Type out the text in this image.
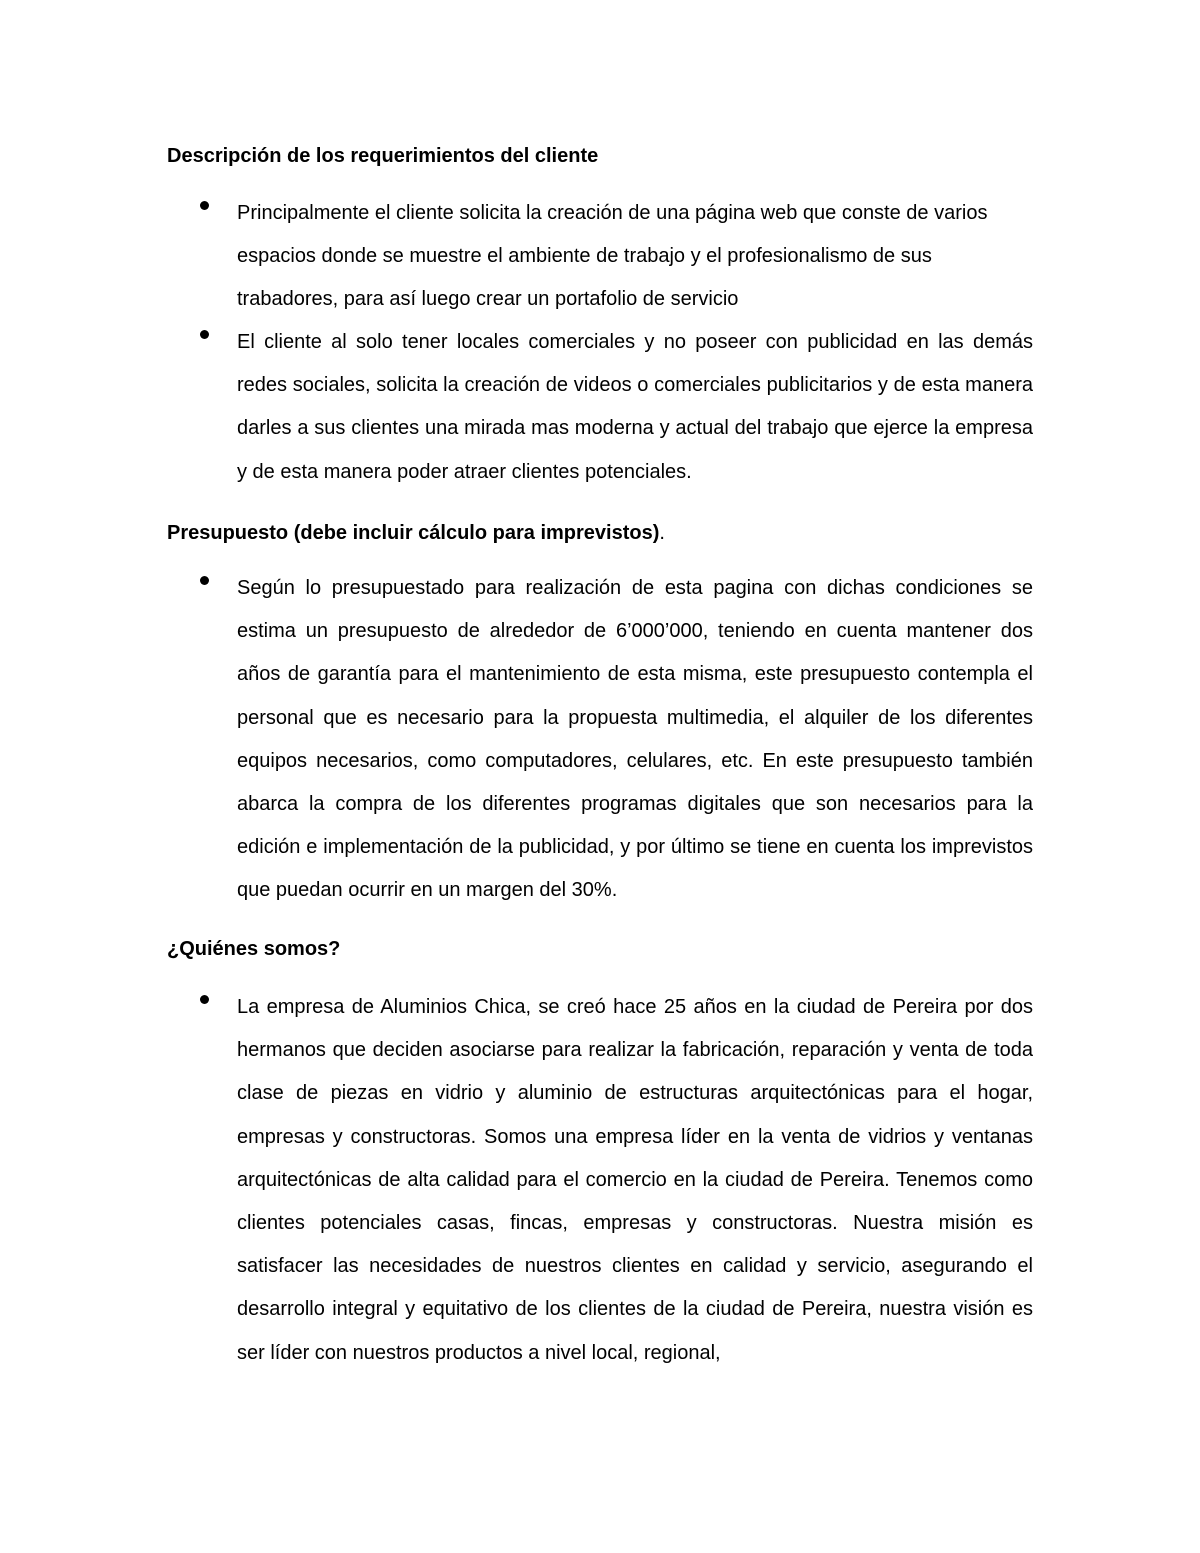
Descripción de los requerimientos del cliente

Principalmente el cliente solicita la creación de una página web que conste de varios espacios donde se muestre el ambiente de trabajo y el profesionalismo de sus trabadores, para así luego crear un portafolio de servicio

El cliente al solo tener locales comerciales y no poseer con publicidad en las demás redes sociales, solicita la creación de videos o comerciales publicitarios y de esta manera darles a sus clientes una mirada mas moderna y actual del trabajo que ejerce la empresa y de esta manera poder atraer clientes potenciales.

Presupuesto (debe incluir cálculo para imprevistos).

Según lo presupuestado para realización de esta pagina con dichas condiciones se estima un presupuesto de alrededor de 6’000’000, teniendo en cuenta mantener dos años de garantía para el mantenimiento de esta misma, este presupuesto contempla el personal que es necesario para la propuesta multimedia, el alquiler de los diferentes equipos necesarios, como computadores, celulares, etc. En este presupuesto también abarca la compra de los diferentes programas digitales que son necesarios para la edición e implementación de la publicidad, y por último se tiene en cuenta los imprevistos que puedan ocurrir en un margen del 30%.

¿Quiénes somos?

La empresa de Aluminios Chica, se creó hace 25 años en la ciudad de Pereira por dos hermanos que deciden asociarse para realizar la fabricación, reparación y venta de toda clase de piezas en vidrio y aluminio de estructuras arquitectónicas para el hogar, empresas y constructoras. Somos una empresa líder en la venta de vidrios y ventanas arquitectónicas de alta calidad para el comercio en la ciudad de Pereira. Tenemos como clientes potenciales casas, fincas, empresas y constructoras. Nuestra misión es satisfacer las necesidades de nuestros clientes en calidad y servicio, asegurando el desarrollo integral y equitativo de los clientes de la ciudad de Pereira, nuestra visión es ser líder con nuestros productos a nivel local, regional,
